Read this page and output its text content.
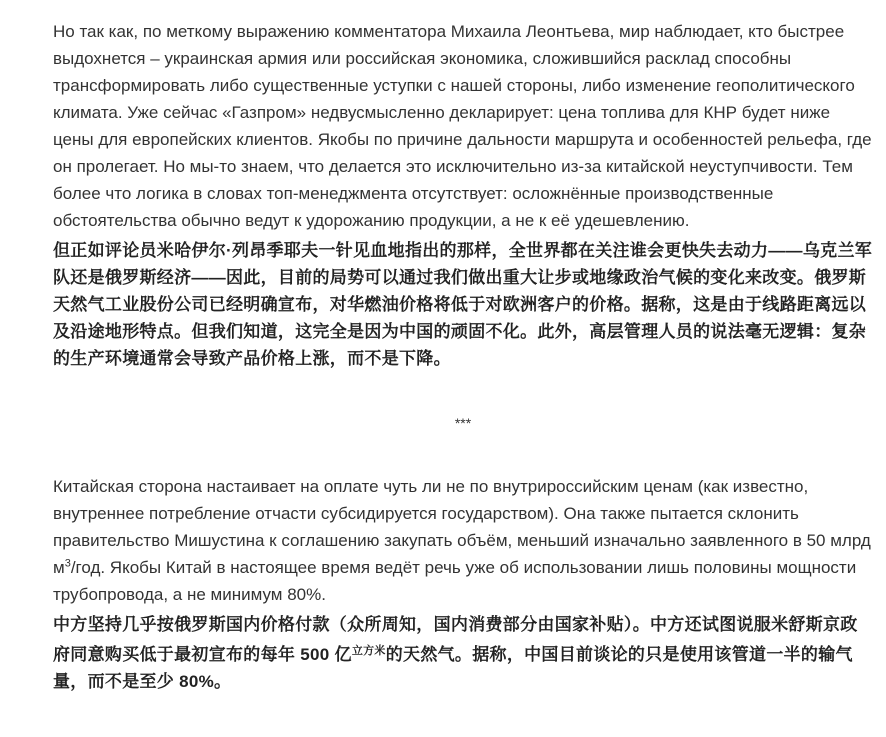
Но так как, по меткому выражению комментатора Михаила Леонтьева, мир наблюдает, кто быстрее выдохнется – украинская армия или российская экономика, сложившийся расклад способны трансформировать либо существенные уступки с нашей стороны, либо изменение геополитического климата. Уже сейчас «Газпром» недвусмысленно декларирует: цена топлива для КНР будет ниже цены для европейских клиентов. Якобы по причине дальности маршрута и особенностей рельефа, где он пролегает. Но мы-то знаем, что делается это исключительно из-за китайской неуступчивости. Тем более что логика в словах топ-менеджмента отсутствует: осложнённые производственные обстоятельства обычно ведут к удорожанию продукции, а не к её удешевлению.

但正如评论员米哈伊尔·列昂季耶夫一针见血地指出的那样，全世界都在关注谁会更快失去动力——乌克兰军队还是俄罗斯经济——因此，目前的局势可以通过我们做出重大让步或地缘政治气候的变化来改变。俄罗斯天然气工业股份公司已经明确宣布，对华燃油价格将低于对欧洲客户的价格。据称，这是由于线路距离远以及沿途地形特点。但我们知道，这完全是因为中国的顽固不化。此外，高层管理人员的说法毫无逻辑：复杂的生产环境通常会导致产品价格上涨，而不是下降。

***

Китайская сторона настаивает на оплате чуть ли не по внутрироссийским ценам (как известно, внутреннее потребление отчасти субсидируется государством). Она также пытается склонить правительство Мишустина к соглашению закупать объём, меньший изначально заявленного в 50 млрд $м^3$/год. Якобы Китай в настоящее время ведёт речь уже об использовании лишь половины мощности трубопровода, а не минимум 80%.

中方坚持几乎按俄罗斯国内价格付款（众所周知，国内消费部分由国家补贴）。中方还试图说服米舒斯京政府同意购买低于最初宣布的每年 500 亿$^{立方米}$的天然气。据称，中国目前谈论的只是使用该管道一半的输气量，而不是至少 80%。
